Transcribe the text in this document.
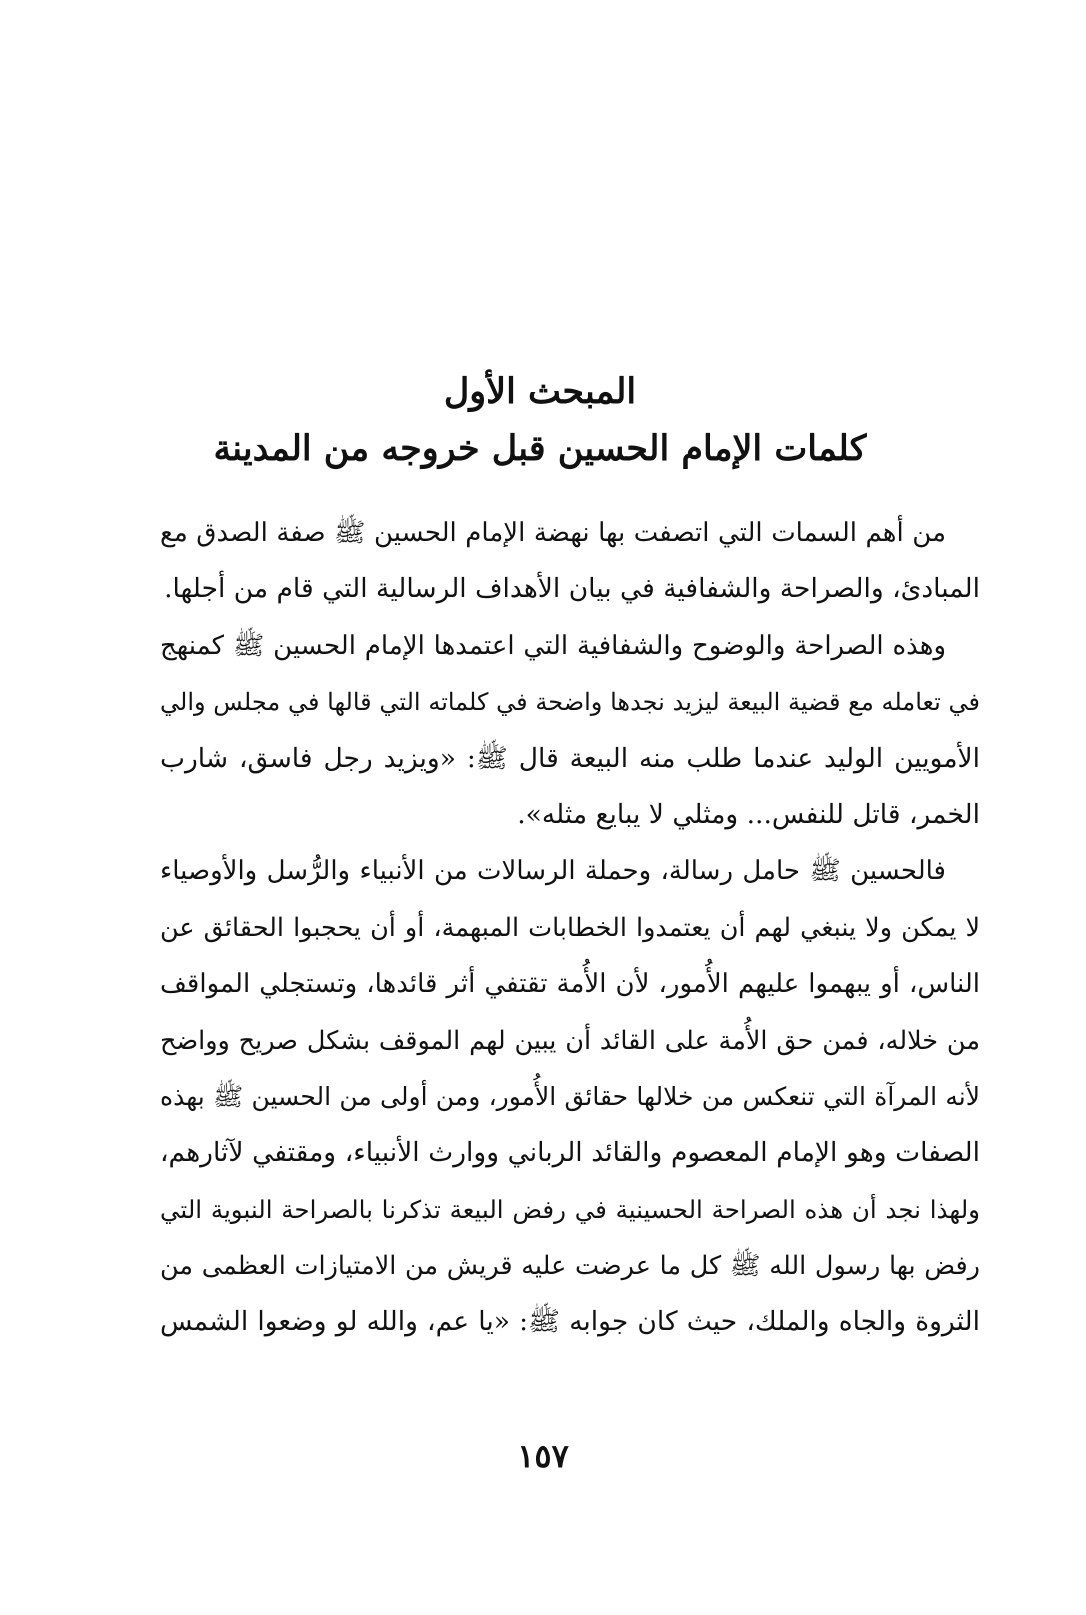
المبحث الأول
كلمات الإمام الحسين قبل خروجه من المدينة
من أهم السمات التي اتصفت بها نهضة الإمام الحسين ﷺ صفة الصدق مع
المبادئ، والصراحة والشفافية في بيان الأهداف الرسالية التي قام من أجلها.
وهذه الصراحة والوضوح والشفافية التي اعتمدها الإمام الحسين ﷺ كمنهج
في تعامله مع قضية البيعة ليزيد نجدها واضحة في كلماته التي قالها في مجلس والي
الأمويين الوليد عندما طلب منه البيعة قال ﷺ: «ويزيد رجل فاسق، شارب
الخمر، قاتل للنفس... ومثلي لا يبايع مثله».
فالحسين ﷺ حامل رسالة، وحملة الرسالات من الأنبياء والرُّسل والأوصياء
لا يمكن ولا ينبغي لهم أن يعتمدوا الخطابات المبهمة، أو أن يحجبوا الحقائق عن
الناس، أو يبهموا عليهم الأُمور، لأن الأُمة تقتفي أثر قائدها، وتستجلي المواقف
من خلاله، فمن حق الأُمة على القائد أن يبين لهم الموقف بشكل صريح وواضح
لأنه المرآة التي تنعكس من خلالها حقائق الأُمور، ومن أولى من الحسين ﷺ بهذه
الصفات وهو الإمام المعصوم والقائد الرباني ووارث الأنبياء، ومقتفي لآثارهم،
ولهذا نجد أن هذه الصراحة الحسينية في رفض البيعة تذكرنا بالصراحة النبوية التي
رفض بها رسول الله ﷺ كل ما عرضت عليه قريش من الامتيازات العظمى من
الثروة والجاه والملك، حيث كان جوابه ﷺ: «يا عم، والله لو وضعوا الشمس
١٥٧
